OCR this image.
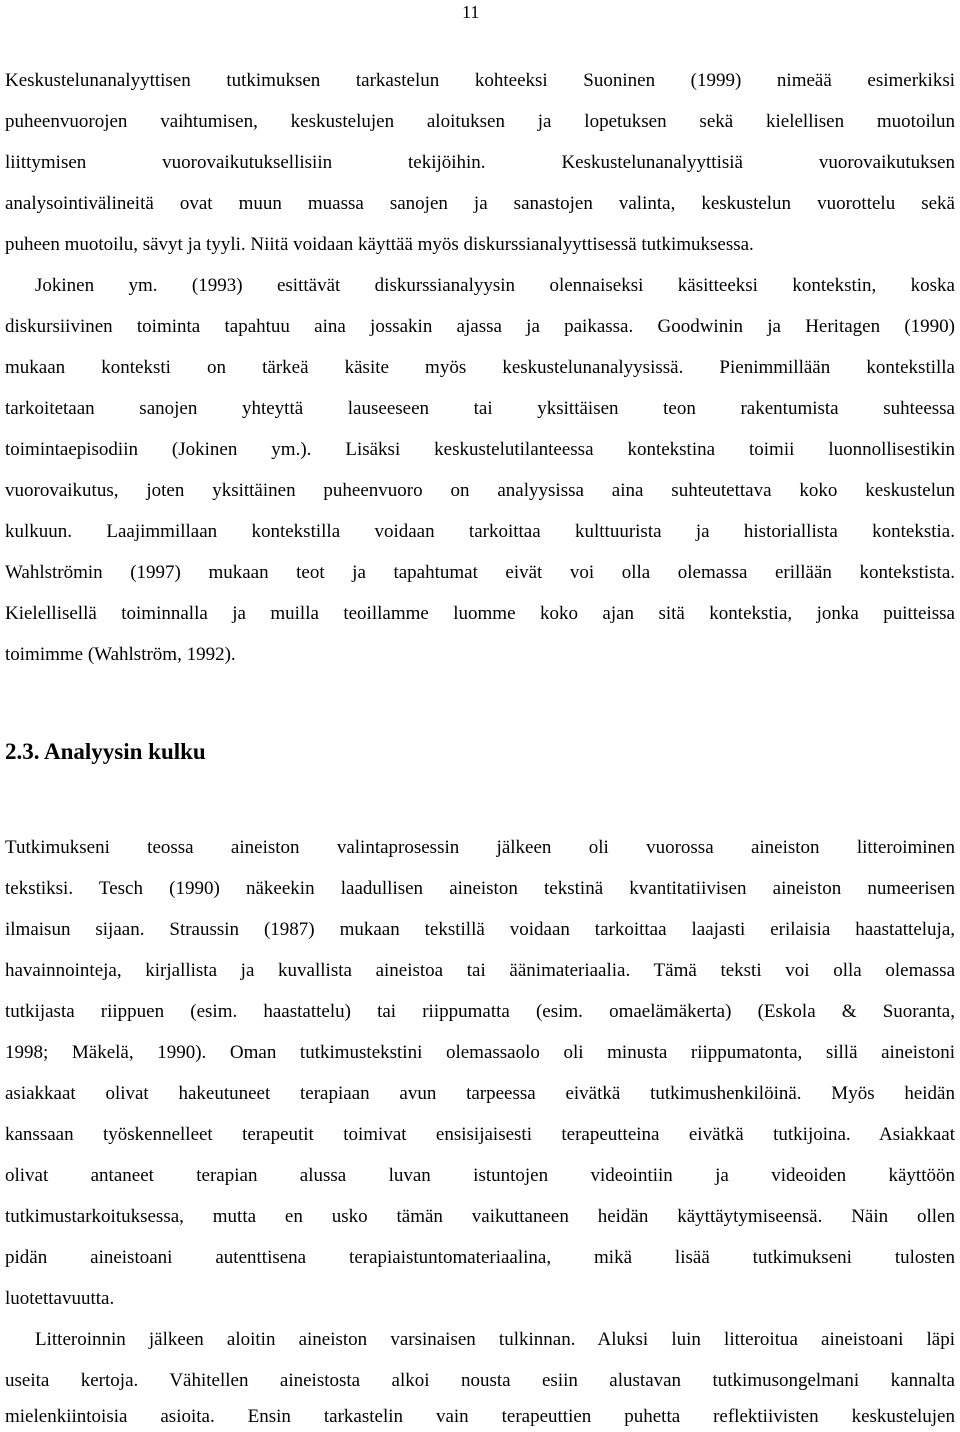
11

Keskustelunanalyyttisen tutkimuksen tarkastelun kohteeksi Suoninen (1999) nimeää esimerkiksi

puheenvuorojen vaihtumisen, keskustelujen aloituksen ja lopetuksen sekä kielellisen muotoilun

liittymisen vuorovaikutuksellisiin tekijöihin. Keskustelunanalyyttisiä vuorovaikutuksen

analysointivälineitä ovat muun muassa sanojen ja sanastojen valinta, keskustelun vuorottelu sekä

puheen muotoilu, sävyt ja tyyli. Niitä voidaan käyttää myös diskurssianalyyttisessä tutkimuksessa.

Jokinen ym. (1993) esittävät diskurssianalyysin olennaiseksi käsitteeksi kontekstin, koska

diskursiivinen toiminta tapahtuu aina jossakin ajassa ja paikassa. Goodwinin ja Heritagen (1990)

mukaan konteksti on tärkeä käsite myös keskustelunanalyysissä. Pienimmillään kontekstilla

tarkoitetaan sanojen yhteyttä lauseeseen tai yksittäisen teon rakentumista suhteessa

toimintaepisodiin (Jokinen ym.). Lisäksi keskustelutilanteessa kontekstina toimii luonnollisestikin

vuorovaikutus, joten yksittäinen puheenvuoro on analyysissa aina suhteutettava koko keskustelun

kulkuun. Laajimmillaan kontekstilla voidaan tarkoittaa kulttuurista ja historiallista kontekstia.

Wahlströmin (1997) mukaan teot ja tapahtumat eivät voi olla olemassa erillään kontekstista.

Kielellisellä toiminnalla ja muilla teoillamme luomme koko ajan sitä kontekstia, jonka puitteissa

toimimme (Wahlström, 1992).

2.3. Analyysin kulku

Tutkimukseni teossa aineiston valintaprosessin jälkeen oli vuorossa aineiston litteroiminen

tekstiksi. Tesch (1990) näkeekin laadullisen aineiston tekstinä kvantitatiivisen aineiston numeerisen

ilmaisun sijaan. Straussin (1987) mukaan tekstillä voidaan tarkoittaa laajasti erilaisia haastatteluja,

havainnointeja, kirjallista ja kuvallista aineistoa tai äänimateriaalia. Tämä teksti voi olla olemassa

tutkijasta riippuen (esim. haastattelu) tai riippumatta (esim. omaelämäkerta) (Eskola & Suoranta,

1998; Mäkelä, 1990). Oman tutkimustekstini olemassaolo oli minusta riippumatonta, sillä aineistoni

asiakkaat olivat hakeutuneet terapiaan avun tarpeessa eivätkä tutkimushenkilöinä. Myös heidän

kanssaan työskennelleet terapeutit toimivat ensisijaisesti terapeutteina eivätkä tutkijoina. Asiakkaat

olivat antaneet terapian alussa luvan istuntojen videointiin ja videoiden käyttöön

tutkimustarkoituksessa, mutta en usko tämän vaikuttaneen heidän käyttäytymiseensä. Näin ollen

pidän aineistoani autenttisena terapiaistuntomateriaalina, mikä lisää tutkimukseni tulosten

luotettavuutta.

Litteroinnin jälkeen aloitin aineiston varsinaisen tulkinnan. Aluksi luin litteroitua aineistoani läpi

useita kertoja. Vähitellen aineistosta alkoi nousta esiin alustavan tutkimusongelmani kannalta

mielenkiintoisia asioita. Ensin tarkastelin vain terapeuttien puhetta reflektiivisten keskustelujen
